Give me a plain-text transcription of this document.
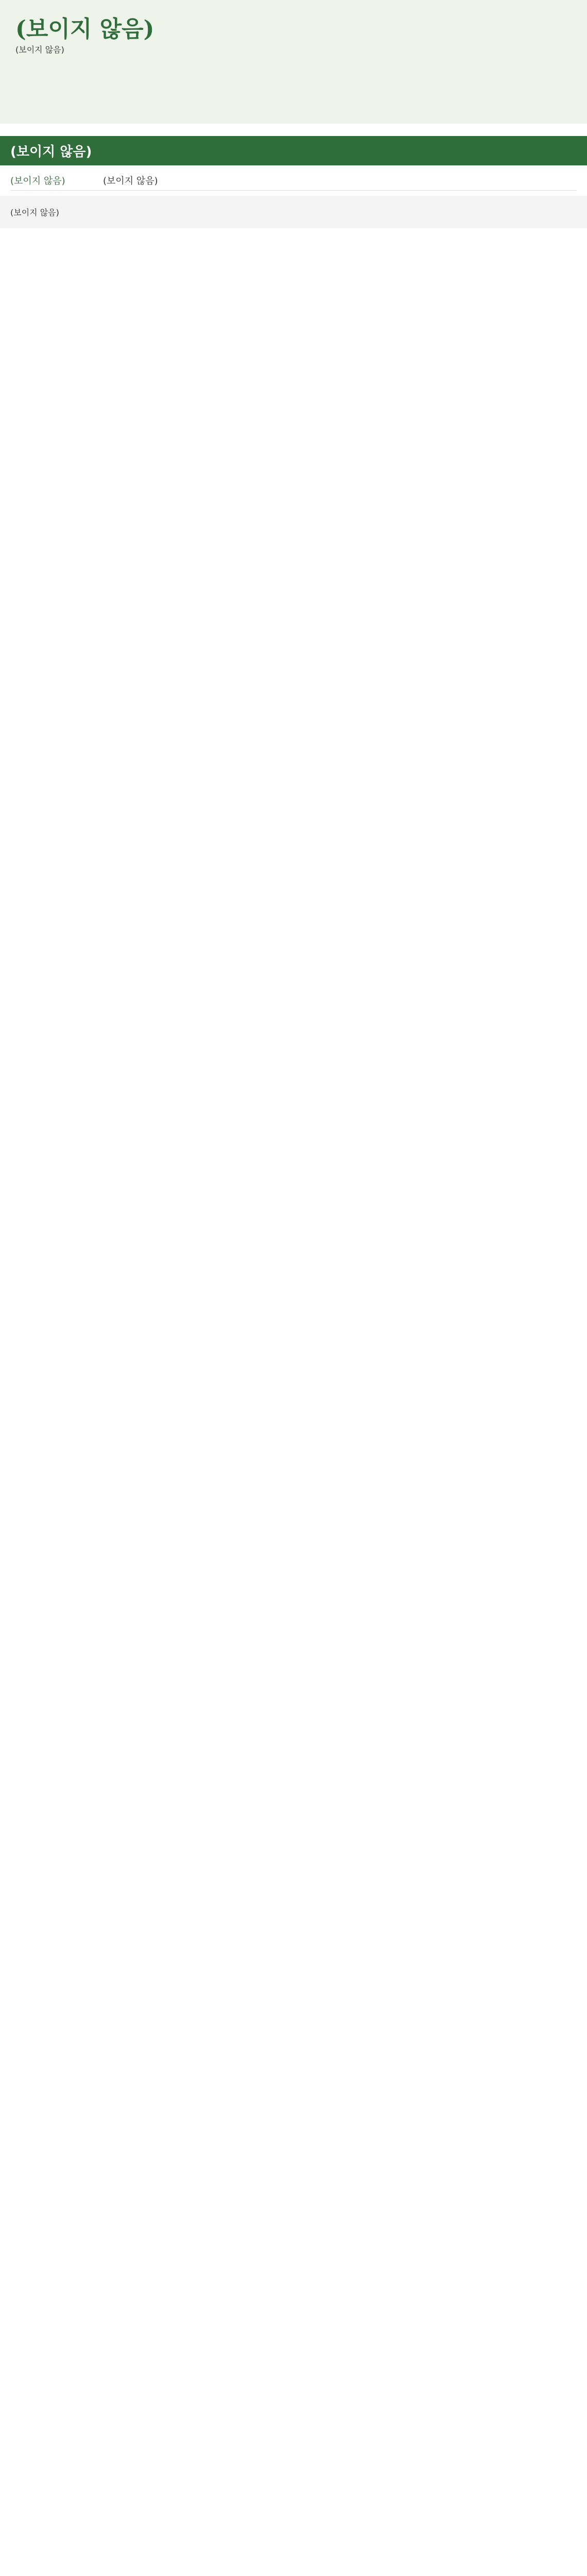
(보이지 않음)
(보이지 않음)
(보이지 않음)
(보이지 않음)	(보이지 않음)
(보이지 않음)
